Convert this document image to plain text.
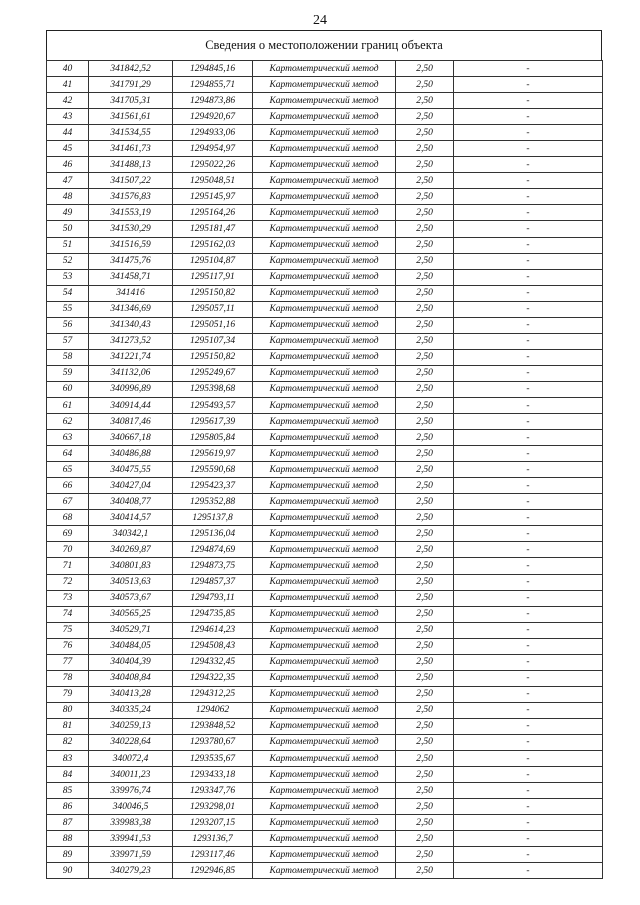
24
Сведения о местоположении границ объекта
40	341842,52	1294845,16	Картометрический метод	2,50	-
41	341791,29	1294855,71	Картометрический метод	2,50	-
42	341705,31	1294873,86	Картометрический метод	2,50	-
43	341561,61	1294920,67	Картометрический метод	2,50	-
44	341534,55	1294933,06	Картометрический метод	2,50	-
45	341461,73	1294954,97	Картометрический метод	2,50	-
46	341488,13	1295022,26	Картометрический метод	2,50	-
47	341507,22	1295048,51	Картометрический метод	2,50	-
48	341576,83	1295145,97	Картометрический метод	2,50	-
49	341553,19	1295164,26	Картометрический метод	2,50	-
50	341530,29	1295181,47	Картометрический метод	2,50	-
51	341516,59	1295162,03	Картометрический метод	2,50	-
52	341475,76	1295104,87	Картометрический метод	2,50	-
53	341458,71	1295117,91	Картометрический метод	2,50	-
54	341416	1295150,82	Картометрический метод	2,50	-
55	341346,69	1295057,11	Картометрический метод	2,50	-
56	341340,43	1295051,16	Картометрический метод	2,50	-
57	341273,52	1295107,34	Картометрический метод	2,50	-
58	341221,74	1295150,82	Картометрический метод	2,50	-
59	341132,06	1295249,67	Картометрический метод	2,50	-
60	340996,89	1295398,68	Картометрический метод	2,50	-
61	340914,44	1295493,57	Картометрический метод	2,50	-
62	340817,46	1295617,39	Картометрический метод	2,50	-
63	340667,18	1295805,84	Картометрический метод	2,50	-
64	340486,88	1295619,97	Картометрический метод	2,50	-
65	340475,55	1295590,68	Картометрический метод	2,50	-
66	340427,04	1295423,37	Картометрический метод	2,50	-
67	340408,77	1295352,88	Картометрический метод	2,50	-
68	340414,57	1295137,8	Картометрический метод	2,50	-
69	340342,1	1295136,04	Картометрический метод	2,50	-
70	340269,87	1294874,69	Картометрический метод	2,50	-
71	340801,83	1294873,75	Картометрический метод	2,50	-
72	340513,63	1294857,37	Картометрический метод	2,50	-
73	340573,67	1294793,11	Картометрический метод	2,50	-
74	340565,25	1294735,85	Картометрический метод	2,50	-
75	340529,71	1294614,23	Картометрический метод	2,50	-
76	340484,05	1294508,43	Картометрический метод	2,50	-
77	340404,39	1294332,45	Картометрический метод	2,50	-
78	340408,84	1294322,35	Картометрический метод	2,50	-
79	340413,28	1294312,25	Картометрический метод	2,50	-
80	340335,24	1294062	Картометрический метод	2,50	-
81	340259,13	1293848,52	Картометрический метод	2,50	-
82	340228,64	1293780,67	Картометрический метод	2,50	-
83	340072,4	1293535,67	Картометрический метод	2,50	-
84	340011,23	1293433,18	Картометрический метод	2,50	-
85	339976,74	1293347,76	Картометрический метод	2,50	-
86	340046,5	1293298,01	Картометрический метод	2,50	-
87	339983,38	1293207,15	Картометрический метод	2,50	-
88	339941,53	1293136,7	Картометрический метод	2,50	-
89	339971,59	1293117,46	Картометрический метод	2,50	-
90	340279,23	1292946,85	Картометрический метод	2,50	-
